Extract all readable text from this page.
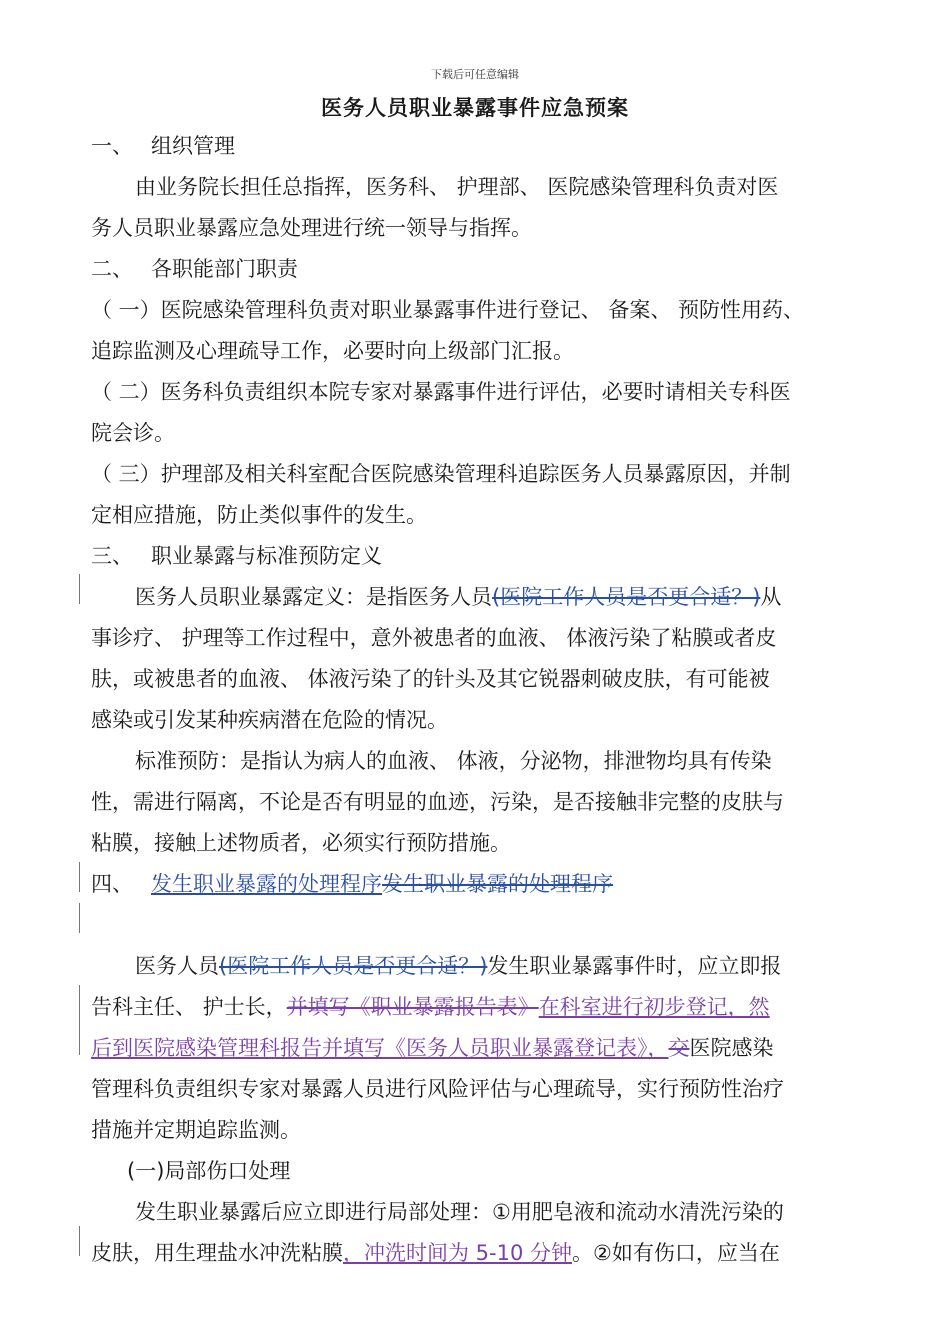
下载后可任意编辑
医务人员职业暴露事件应急预案
一、 组织管理
由业务院长担任总指挥，医务科、 护理部、 医院感染管理科负责对医
务人员职业暴露应急处理进行统一领导与指挥。
二、 各职能部门职责
（ 一）医院感染管理科负责对职业暴露事件进行登记、 备案、 预防性用药、
追踪监测及心理疏导工作，必要时向上级部门汇报。
（ 二）医务科负责组织本院专家对暴露事件进行评估，必要时请相关专科医
院会诊。
（ 三）护理部及相关科室配合医院感染管理科追踪医务人员暴露原因，并制
定相应措施，防止类似事件的发生。
三、 职业暴露与标准预防定义
医务人员职业暴露定义：是指医务人员(医院工作人员是否更合适？)从
事诊疗、 护理等工作过程中，意外被患者的血液、 体液污染了粘膜或者皮
肤，或被患者的血液、 体液污染了的针头及其它锐器刺破皮肤，有可能被
感染或引发某种疾病潜在危险的情况。
标准预防：是指认为病人的血液、 体液，分泌物，排泄物均具有传染
性，需进行隔离，不论是否有明显的血迹，污染，是否接触非完整的皮肤与
粘膜，接触上述物质者，必须实行预防措施。
四、 发生职业暴露的处理程序发生职业暴露的处理程序
医务人员(医院工作人员是否更合适？)发生职业暴露事件时，应立即报
告科主任、 护士长，并填写《职业暴露报告表》在科室进行初步登记，然
后到医院感染管理科报告并填写《医务人员职业暴露登记表》，交医院感染
管理科负责组织专家对暴露人员进行风险评估与心理疏导，实行预防性治疗
措施并定期追踪监测。
(一)局部伤口处理
发生职业暴露后应立即进行局部处理：①用肥皂液和流动水清洗污染的
皮肤，用生理盐水冲洗粘膜，冲洗时间为 5-10 分钟。②如有伤口，应当在
